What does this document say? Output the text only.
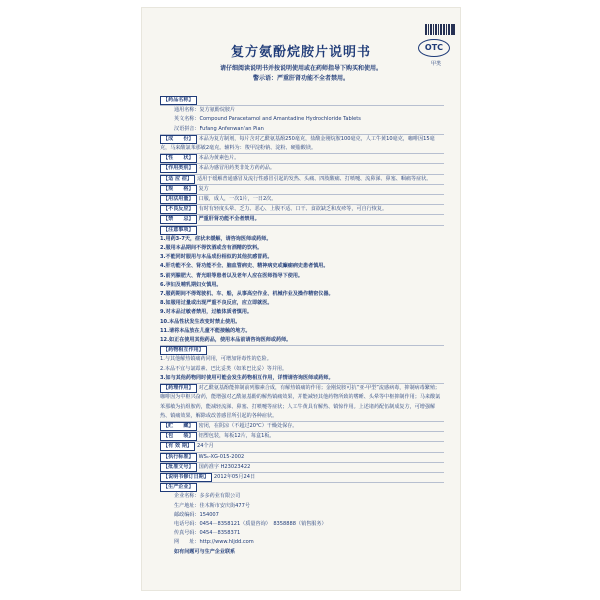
OTC
甲类
复方氨酚烷胺片说明书
请仔细阅读说明书并按说明使用或在药师指导下购买和使用。
警示语：严重肝肾功能不全者禁用。
【药品名称】
通用名称：复方氨酚烷胺片
英文名称：Compound Paracetamol and Amantadine Hydrochloride Tablets
汉语拼音：Fufang Anfenwan'an Pian
【成　　份】 本品为复方制剂，每片含对乙酰氨基酚250毫克，盐酸金刚烷胺100毫克，人工牛黄10毫克，咖啡因15毫克，马来酸氯苯那敏2毫克。辅料为：羧甲淀粉钠、淀粉、硬脂酸镁。
【性　　状】 本品为黄素色片。
【作用类别】 本品为感冒用药类非处方药药品。
【适 应 症】 适用于缓解普通感冒及流行性感冒引起的发热、头痛、四肢酸痛、打喷嚏、流鼻涕、鼻塞、咽痛等症状。
【规　　格】 复方
【用法用量】 口服，成人，一次1片，一日2次。
【不良反应】 有时有轻度头晕、乏力、恶心、上腹不适、口干、食欲缺乏和皮疹等，可自行恢复。
【禁　　忌】 严重肝肾功能不全者禁用。
【注意事项】
1.用药3-7天，症状未缓解，请咨询医师或药师。
2.服用本品期间不得饮酒或含有酒精的饮料。
3.不能同时服用与本品成份相似的其他抗感冒药。
4.肝功能不全、肾功能不全、脑血管病史、精神病史或癫痫病史患者慎用。
5.前列腺肥大、青光眼等患者以及老年人应在医师指导下使用。
6.孕妇及哺乳期妇女慎用。
7.服药期间不得驾驶机、车、船，从事高空作业、机械作业及操作精密仪器。
8.如服用过量或出现严重不良反应，应立即就医。
9.对本品过敏者禁用，过敏体质者慎用。
10.本品性状发生改变时禁止使用。
11.请将本品放在儿童不能接触的地方。
12.如正在使用其他药品，使用本品前请咨询医师或药师。
【药物相互作用】
1.与其他解热镇痛药同用，可增加肾毒性的危险。
2.本品不宜与氯霉素、巴比妥类（如苯巴比妥）等并用。
3.如与其他药物同时使用可能会发生药物相互作用，详情请咨询医师或药师。
【药理作用】 对乙酰氨基酚能抑制前列腺素合成，有解热镇痛的作用；金刚烷胺可抗“亚-甲型”流感病毒，抑制病毒繁殖；咖啡因为中枢兴奋药，能增强对乙酰氨基酚的解热镇痛效果，并能减轻其他药物所致的嗜睡、头晕等中枢抑制作用；马来酸氯苯那敏为抗组胺药，能减轻流涕、鼻塞、打喷嚏等症状；人工牛黄具有解热、镇惊作用。上述诸药配伍制成复方，可增强解热、镇痛效果，解除或改善感冒所引起的各种症状。
【贮　　藏】 密闭，在阴凉（不超过20℃）干燥处保存。
【包　　装】 铝塑包装，每板12片，每盒1板。
【有 效 期】 24个月
【执行标准】 WS₁-XG-015-2002
【批准文号】 国药准字 H23023422
【说明书修订日期】 2012年05月24日
【生产企业】
企业名称：多多药业有限公司
生产地址：佳木斯市安庆街477号
邮政编码：154007
电话号码：0454－8358121（质量咨询）　8358888（销售服务）
传真号码：0454－8358371
网　　址：http://www.hljdd.com
如有问题可与生产企业联系
